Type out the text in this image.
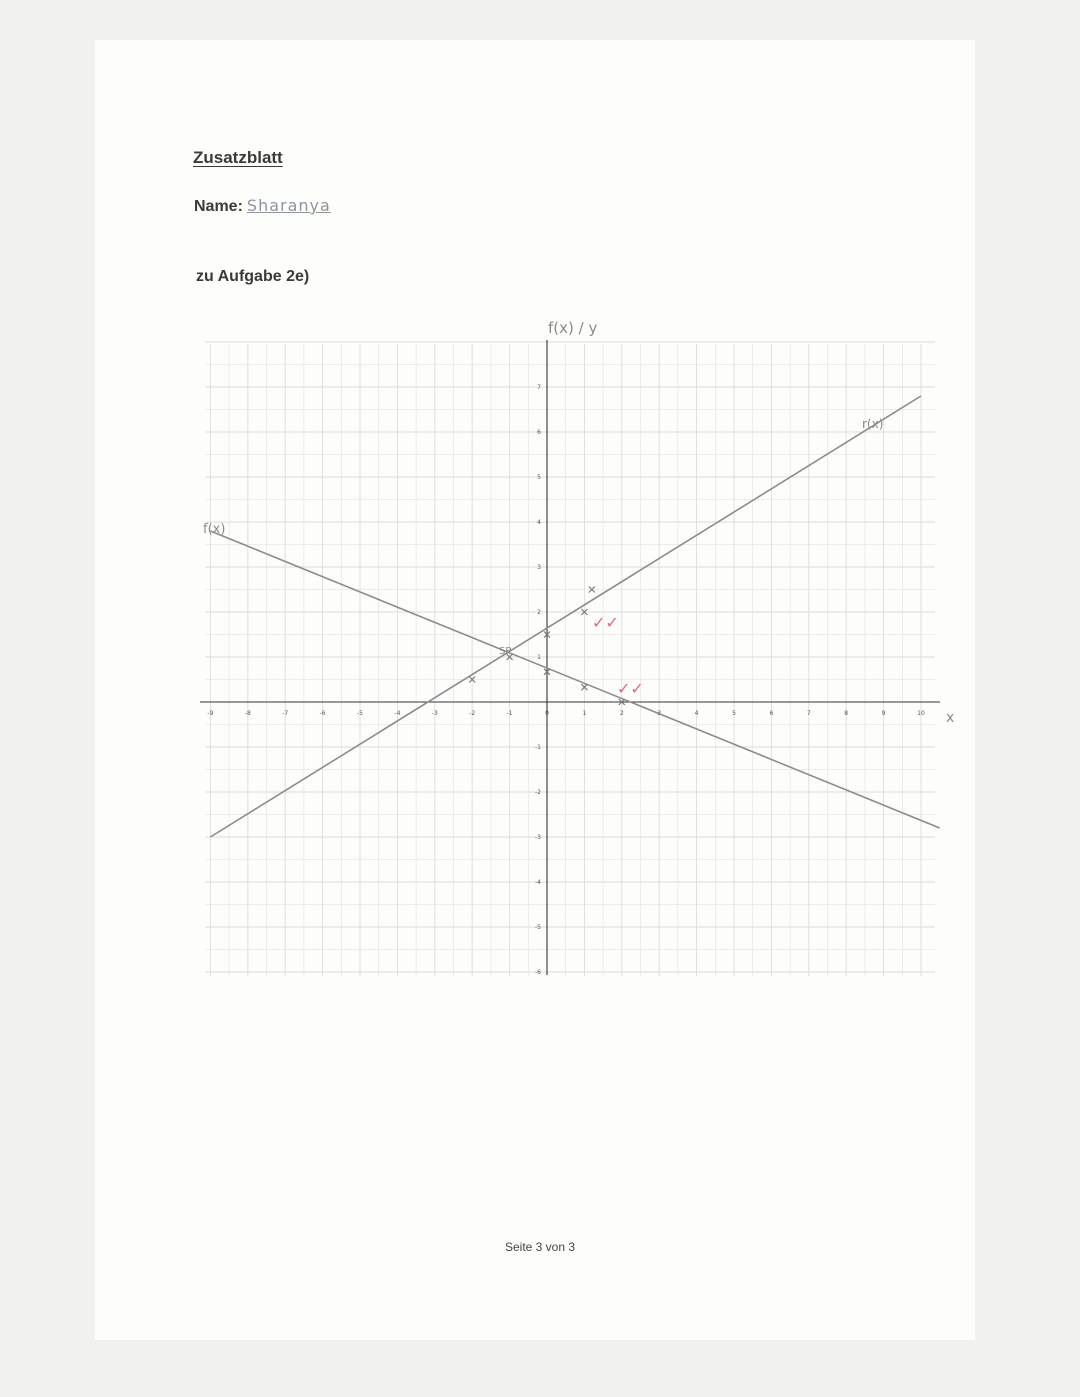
Zusatzblatt
Name: Sharanya
zu Aufgabe 2e)
-9	-8	-7	-6	-5	-4	-3	-2	-1	0	1	2	3	4	5	6	7	8	9	10
-6
-5
-4
-3
-2
-1
1
2
3
4
5
6
7
f(x) / y
x
f(x)
r(x)
SP
✓✓
✓✓
Seite 3 von 3
